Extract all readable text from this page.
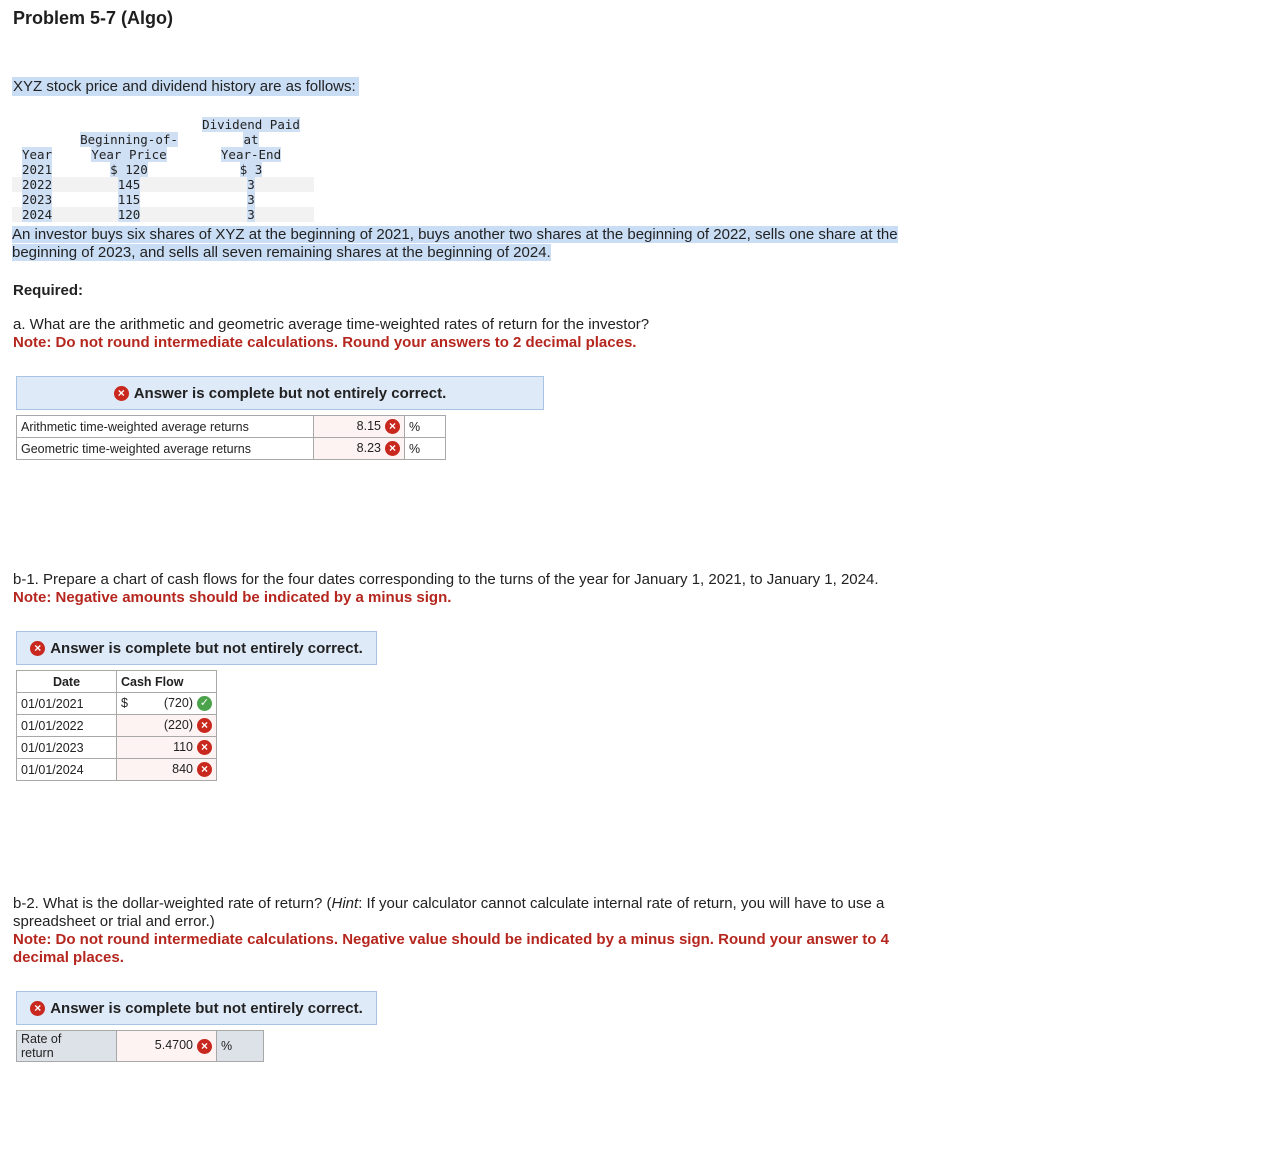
Problem 5-7 (Algo)
XYZ stock price and dividend history are as follows:
	Beginning-of-	Dividend Paid at
Year	Year Price	Year-End
2021	$ 120	$ 3
2022	145	3
2023	115	3
2024	120	3
An investor buys six shares of XYZ at the beginning of 2021, buys another two shares at the beginning of 2022, sells one share at the
beginning of 2023, and sells all seven remaining shares at the beginning of 2024.
Required:
a. What are the arithmetic and geometric average time-weighted rates of return for the investor?
Note: Do not round intermediate calculations. Round your answers to 2 decimal places.
× Answer is complete but not entirely correct.
Arithmetic time-weighted average returns	8.15 ×	%
Geometric time-weighted average returns	8.23 ×	%
b-1. Prepare a chart of cash flows for the four dates corresponding to the turns of the year for January 1, 2021, to January 1, 2024.
Note: Negative amounts should be indicated by a minus sign.
× Answer is complete but not entirely correct.
Date	Cash Flow
01/01/2021	$ (720) ✓
01/01/2022	(220) ×
01/01/2023	110 ×
01/01/2024	840 ×
b-2. What is the dollar-weighted rate of return? (Hint: If your calculator cannot calculate internal rate of return, you will have to use a
spreadsheet or trial and error.)
Note: Do not round intermediate calculations. Negative value should be indicated by a minus sign. Round your answer to 4
decimal places.
× Answer is complete but not entirely correct.
Rate of
return	5.4700 ×	%
